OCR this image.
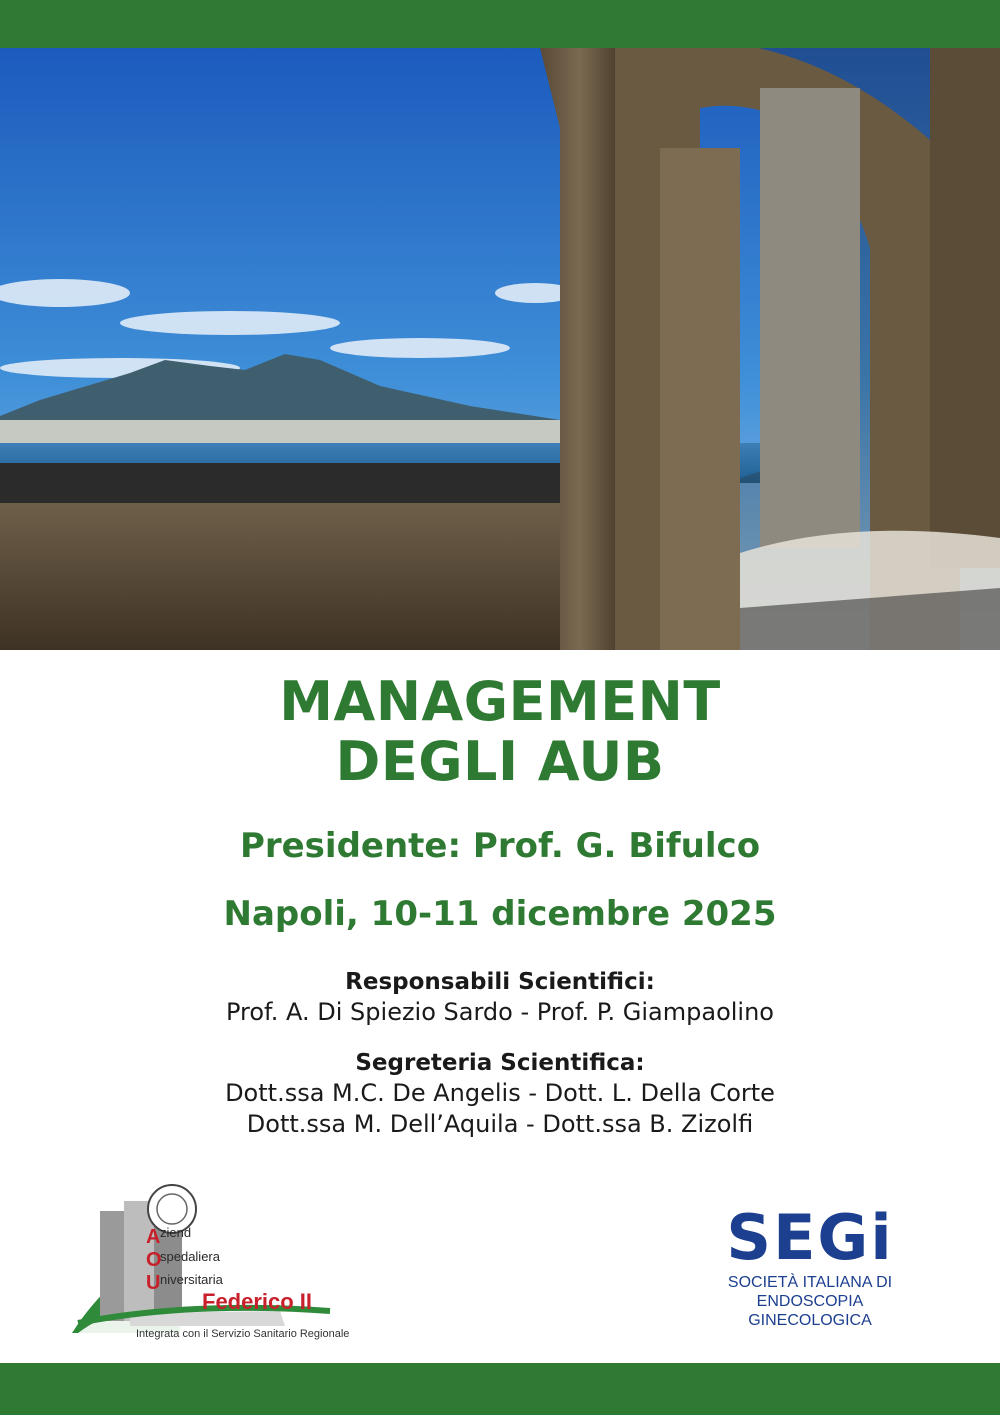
MANAGEMENT
DEGLI AUB
Presidente: Prof. G. Bifulco
Napoli, 10-11 dicembre 2025
Responsabili Scientifici:
Prof. A. Di Spiezio Sardo - Prof. P. Giampaolino
Segreteria Scientifica:
Dott.ssa M.C. De Angelis - Dott. L. Della Corte
Dott.ssa M. Dell’Aquila - Dott.ssa B. Zizolfi
A
O
U
ziend
spedaliera
niversitaria
Federico II
Integrata con il Servizio Sanitario Regionale
SEGi
SOCIETÀ ITALIANA DI
ENDOSCOPIA GINECOLOGICA
